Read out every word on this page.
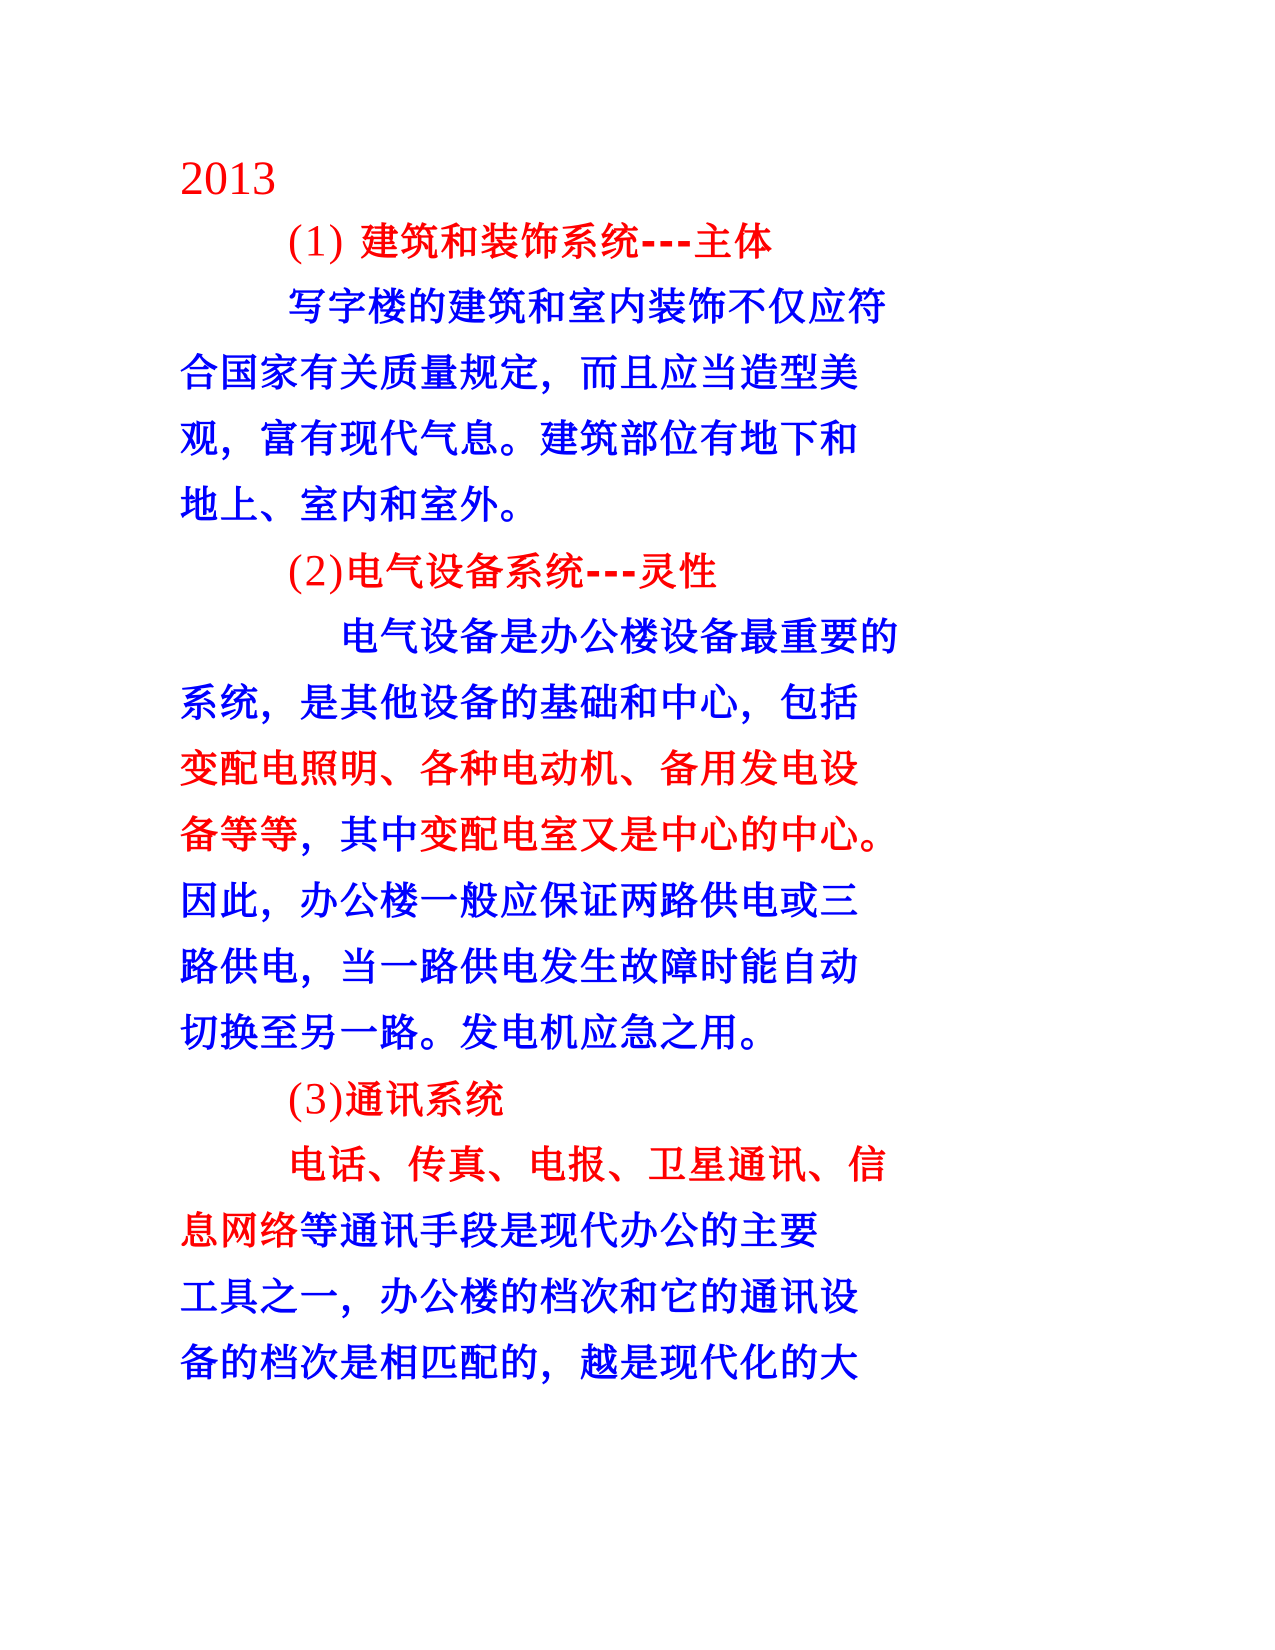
2013
(1) 建筑和装饰系统---主体
写字楼的建筑和室内装饰不仅应符
合国家有关质量规定，而且应当造型美
观，富有现代气息。建筑部位有地下和
地上、室内和室外。
(2)电气设备系统---灵性
电气设备是办公楼设备最重要的
系统，是其他设备的基础和中心，包括
变配电照明、各种电动机、备用发电设
备等等，其中变配电室又是中心的中心。
因此，办公楼一般应保证两路供电或三
路供电，当一路供电发生故障时能自动
切换至另一路。发电机应急之用。
(3)通讯系统
电话、传真、电报、卫星通讯、信
息网络等通讯手段是现代办公的主要
工具之一，办公楼的档次和它的通讯设
备的档次是相匹配的，越是现代化的大
